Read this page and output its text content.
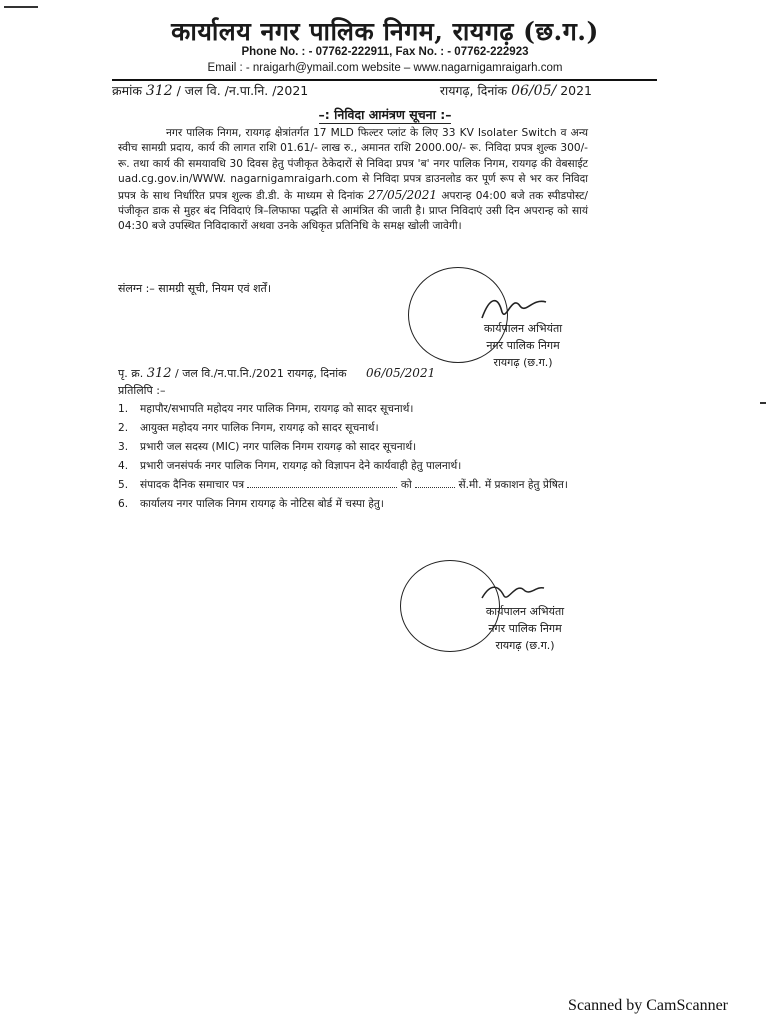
कार्यालय नगर पालिक निगम, रायगढ़ (छ.ग.)
Phone No. : - 07762-222911, Fax No. : - 07762-222923
Email : - nraigarh@ymail.com website – www.nagarnigamraigarh.com
क्रमांक 312 / जल वि. /न.पा.नि. /2021	रायगढ़, दिनांक 06/05/ 2021
–: निविदा आमंत्रण सूचना :–
नगर पालिक निगम, रायगढ़ क्षेत्रांतर्गत 17 MLD फिल्टर प्लांट के लिए 33 KV Isolater Switch व अन्य स्वीच सामग्री प्रदाय, कार्य की लागत राशि 01.61/- लाख रु., अमानत राशि 2000.00/- रू. निविदा प्रपत्र शुल्क 300/- रू. तथा कार्य की समयावधि 30 दिवस हेतु पंजीकृत ठेकेदारों से निविदा प्रपत्र 'ब' नगर पालिक निगम, रायगढ़ की वेबसाईट uad.cg.gov.in/WWW. nagarnigamraigarh.com से निविदा प्रपत्र डाउनलोड कर पूर्ण रूप से भर कर निविदा प्रपत्र के साथ निर्धारित प्रपत्र शुल्क डी.डी. के माध्यम से दिनांक 27/05/2021 अपरान्ह 04:00 बजे तक स्पीडपोस्ट/पंजीकृत डाक से मुहर बंद निविदाएं त्रि–लिफाफा पद्धति से आमंत्रित की जाती है। प्राप्त निविदाएं उसी दिन अपरान्ह को सायं 04:30 बजे उपस्थित निविदाकारों अथवा उनके अधिकृत प्रतिनिधि के समक्ष खोली जावेगी।
संलग्न :– सामग्री सूची, नियम एवं शर्तें।
कार्यपालन अभियंता
नगर पालिक निगम
रायगढ़ (छ.ग.)
पृ. क्र. 312 / जल वि./न.पा.नि./2021 रायगढ़, दिनांक 06/05/2021
प्रतिलिपि :–
1. महापौर/सभापति महोदय नगर पालिक निगम, रायगढ़ को सादर सूचनार्थ।
2. आयुक्त महोदय नगर पालिक निगम, रायगढ़ को सादर सूचनार्थ।
3. प्रभारी जल सदस्य (MIC) नगर पालिक निगम रायगढ़ को सादर सूचनार्थ।
4. प्रभारी जनसंपर्क नगर पालिक निगम, रायगढ़ को विज्ञापन देने कार्यवाही हेतु पालनार्थ।
5. संपादक दैनिक समाचार पत्र	को	सें.मी. में प्रकाशन हेतु प्रेषित।
6. कार्यालय नगर पालिक निगम रायगढ़ के नोटिस बोर्ड में चस्पा हेतु।
कार्यपालन अभियंता
नगर पालिक निगम
रायगढ़ (छ.ग.)
Scanned by CamScanner
